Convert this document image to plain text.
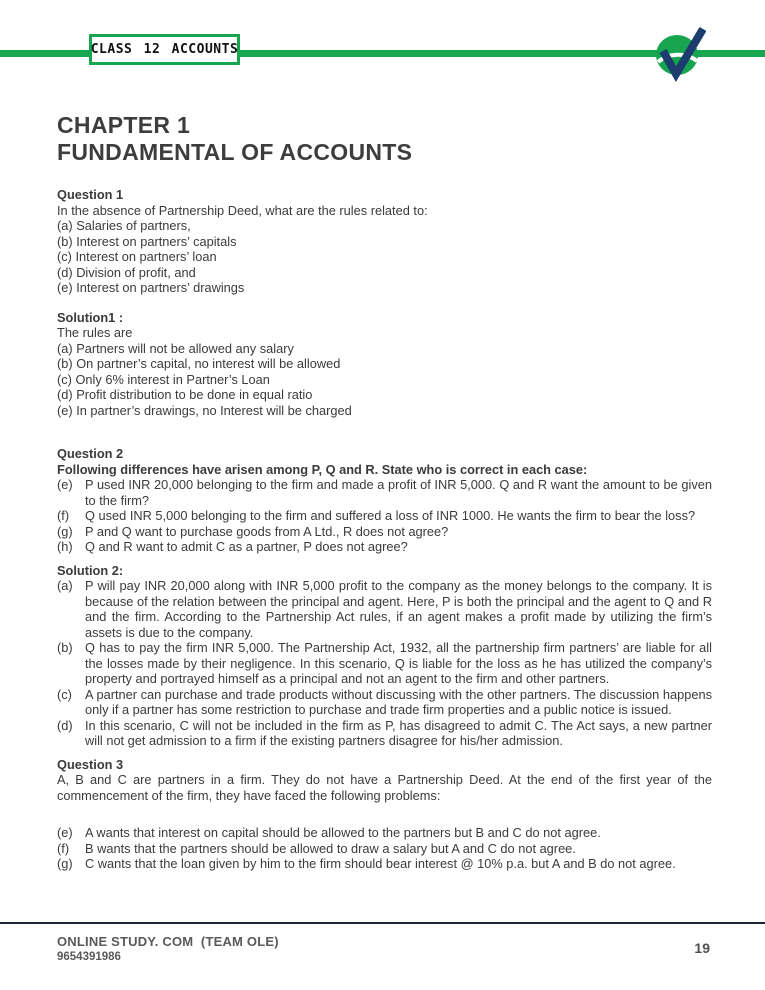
CLASS 12 ACCOUNTS
CHAPTER 1
FUNDAMENTAL OF ACCOUNTS
Question 1
In the absence of Partnership Deed, what are the rules related to:
(a) Salaries of partners,
(b) Interest on partners’ capitals
(c) Interest on partners’ loan
(d) Division of profit, and
(e) Interest on partners’ drawings
Solution1 :
The rules are
(a) Partners will not be allowed any salary
(b) On partner’s capital, no interest will be allowed
(c) Only 6% interest in Partner’s Loan
(d) Profit distribution to be done in equal ratio
(e) In partner’s drawings, no Interest will be charged
Question 2
Following differences have arisen among P, Q and R. State who is correct in each case:
(e) P used INR 20,000 belonging to the firm and made a profit of INR 5,000. Q and R want the amount to be given to the firm?
(f)	Q used INR 5,000 belonging to the firm and suffered a loss of INR 1000. He wants the firm to bear the loss?
(g) P and Q want to purchase goods from A Ltd., R does not agree?
(h) Q and R want to admit C as a partner, P does not agree?
Solution 2:
(a) P will pay INR 20,000 along with INR 5,000 profit to the company as the money belongs to the company. It is because of the relation between the principal and agent. Here, P is both the principal and the agent to Q and R and the firm. According to the Partnership Act rules, if an agent makes a profit made by utilizing the firm’s assets is due to the company.
(b) Q has to pay the firm INR 5,000. The Partnership Act, 1932, all the partnership firm partners’ are liable for all the losses made by their negligence. In this scenario, Q is liable for the loss as he has utilized the company’s property and portrayed himself as a principal and not an agent to the firm and other partners.
(c)	A partner can purchase and trade products without discussing with the other partners. The discussion happens only if a partner has some restriction to purchase and trade firm properties and a public notice is issued.
(d) In this scenario, C will not be included in the firm as P, has disagreed to admit C. The Act says, a new partner will not get admission to a firm if the existing partners disagree for his/her admission.
Question 3
A, B and C are partners in a firm. They do not have a Partnership Deed. At the end of the first year of the commencement of the firm, they have faced the following problems:
(e) A wants that interest on capital should be allowed to the partners but B and C do not agree.
(f)	B wants that the partners should be allowed to draw a salary but A and C do not agree.
(g) C wants that the loan given by him to the firm should bear interest @ 10% p.a. but A and B do not agree.
ONLINE STUDY. COM  (TEAM OLE)
9654391986
19
